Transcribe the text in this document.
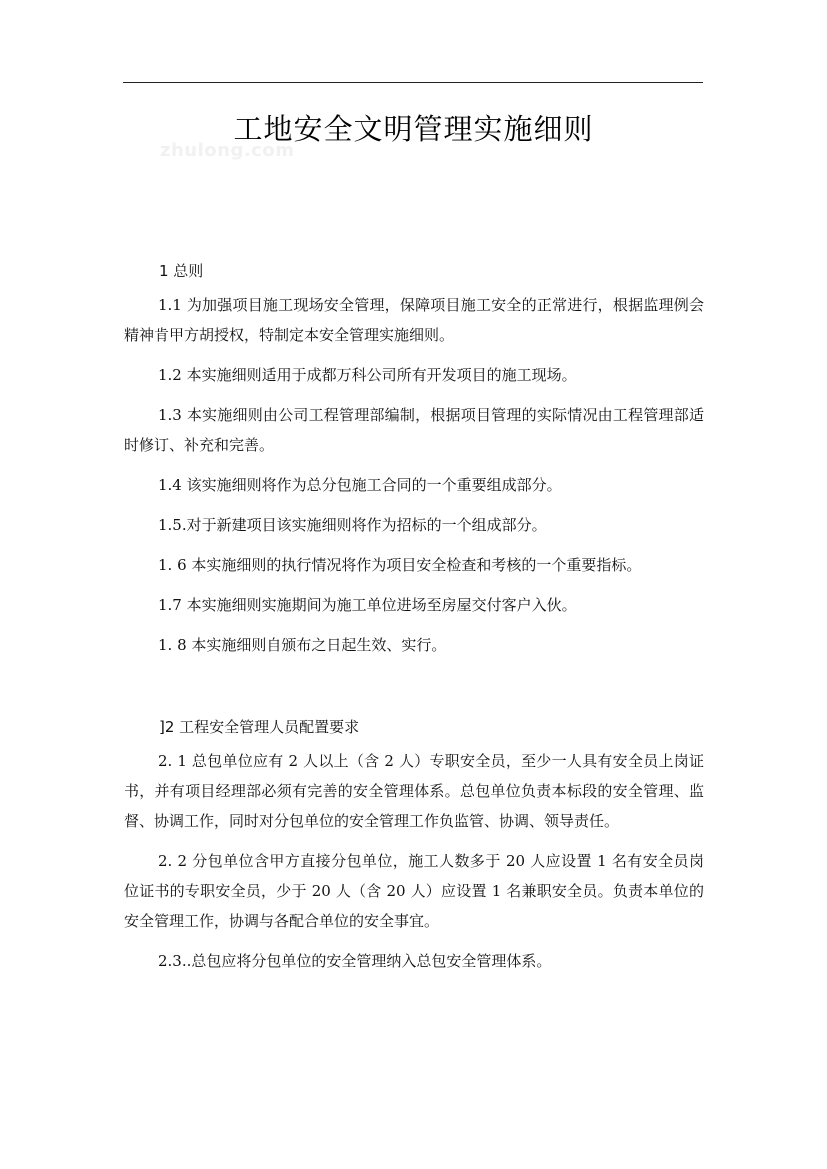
zhulong.com
工地安全文明管理实施细则

1 总则

1.1 为加强项目施工现场安全管理，保障项目施工安全的正常进行，根据监理例会精神肯甲方胡授权，特制定本安全管理实施细则。

1.2 本实施细则适用于成都万科公司所有开发项目的施工现场。

1.3 本实施细则由公司工程管理部编制，根据项目管理的实际情况由工程管理部适时修订、补充和完善。

1.4 该实施细则将作为总分包施工合同的一个重要组成部分。

1.5.对于新建项目该实施细则将作为招标的一个组成部分。

1. 6 本实施细则的执行情况将作为项目安全检查和考核的一个重要指标。

1.7 本实施细则实施期间为施工单位进场至房屋交付客户入伙。

1. 8 本实施细则自颁布之日起生效、实行。

]2 工程安全管理人员配置要求

2. 1 总包单位应有 2 人以上（含 2 人）专职安全员，至少一人具有安全员上岗证书，并有项目经理部必须有完善的安全管理体系。总包单位负责本标段的安全管理、监督、协调工作，同时对分包单位的安全管理工作负监管、协调、领导责任。

2. 2 分包单位含甲方直接分包单位，施工人数多于 20 人应设置 1 名有安全员岗位证书的专职安全员，少于 20 人（含 20 人）应设置 1 名兼职安全员。负责本单位的安全管理工作，协调与各配合单位的安全事宜。

2.3..总包应将分包单位的安全管理纳入总包安全管理体系。
